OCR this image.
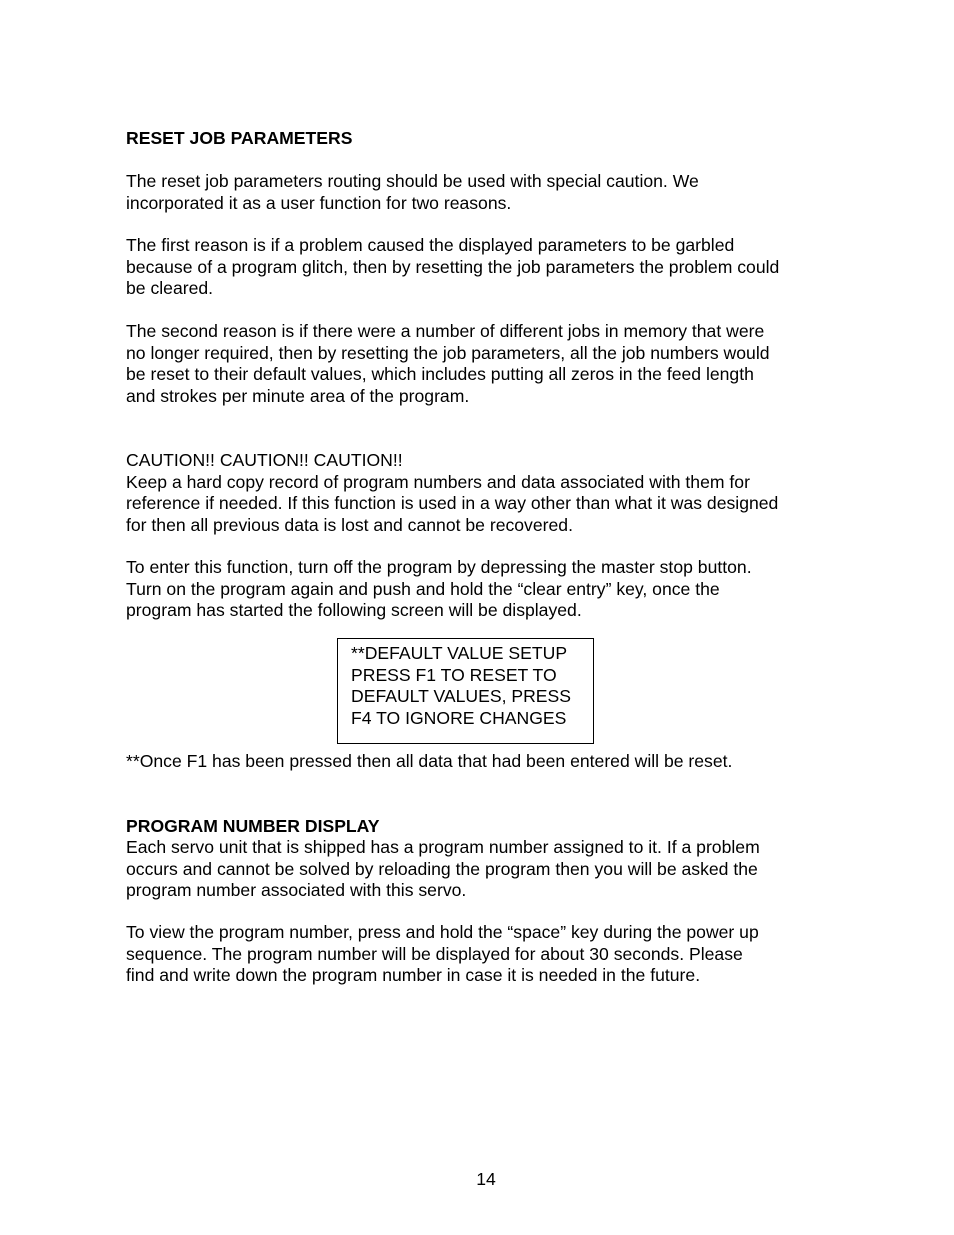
RESET JOB PARAMETERS

The reset job parameters routing should be used with special caution. We

incorporated it as a user function for two reasons.

The first reason is if a problem caused the displayed parameters to be garbled

because of a program glitch, then by resetting the job parameters the problem could

be cleared.

The second reason is if there were a number of different jobs in memory that were

no longer required, then by resetting the job parameters, all the job numbers would

be reset to their default values, which includes putting all zeros in the feed length

and strokes per minute area of the program.

CAUTION!! CAUTION!! CAUTION!!

Keep a hard copy record of program numbers and data associated with them for

reference if needed. If this function is used in a way other than what it was designed

for then all previous data is lost and cannot be recovered.

To enter this function, turn off the program by depressing the master stop button.

Turn on the program again and push and hold the “clear entry” key, once the

program has started the following screen will be displayed.

**DEFAULT VALUE SETUP

PRESS F1 TO RESET TO

DEFAULT VALUES, PRESS

F4 TO IGNORE CHANGES

**Once F1 has been pressed then all data that had been entered will be reset.
PROGRAM NUMBER DISPLAY

Each servo unit that is shipped has a program number assigned to it. If a problem

occurs and cannot be solved by reloading the program then you will be asked the

program number associated with this servo.

To view the program number, press and hold the “space” key during the power up

sequence. The program number will be displayed for about 30 seconds. Please

find and write down the program number in case it is needed in the future.

14
